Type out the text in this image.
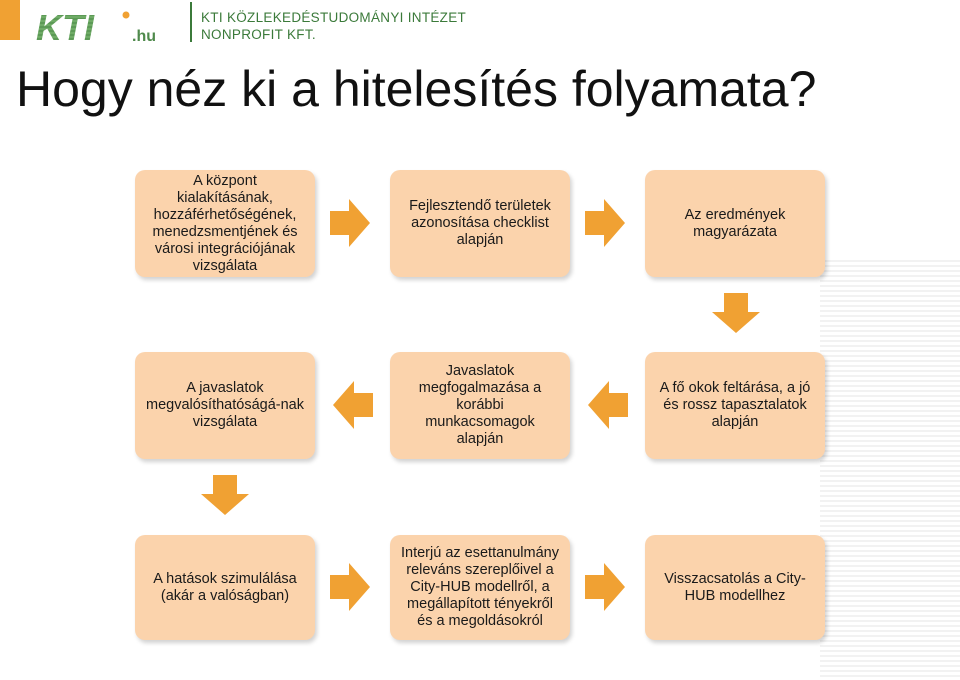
KTI .hu
KTI KÖZLEKEDÉSTUDOMÁNYI INTÉZET
NONPROFIT KFT.
Hogy néz ki a hitelesítés folyamata?
A központ kialakításának, hozzáférhetőségének, menedzsmentjének és városi integrációjának vizsgálata
Fejlesztendő területek azonosítása checklist alapján
Az eredmények magyarázata
A fő okok feltárása, a jó és rossz tapasztalatok alapján
Javaslatok megfogalmazása a korábbi munkacsomagok alapján
A javaslatok megvalósíthatóságá-nak vizsgálata
A hatások szimulálása (akár a valóságban)
Interjú az esettanulmány releváns szereplőivel a City-HUB modellről, a megállapított tényekről és a megoldásokról
Visszacsatolás a City-HUB modellhez
